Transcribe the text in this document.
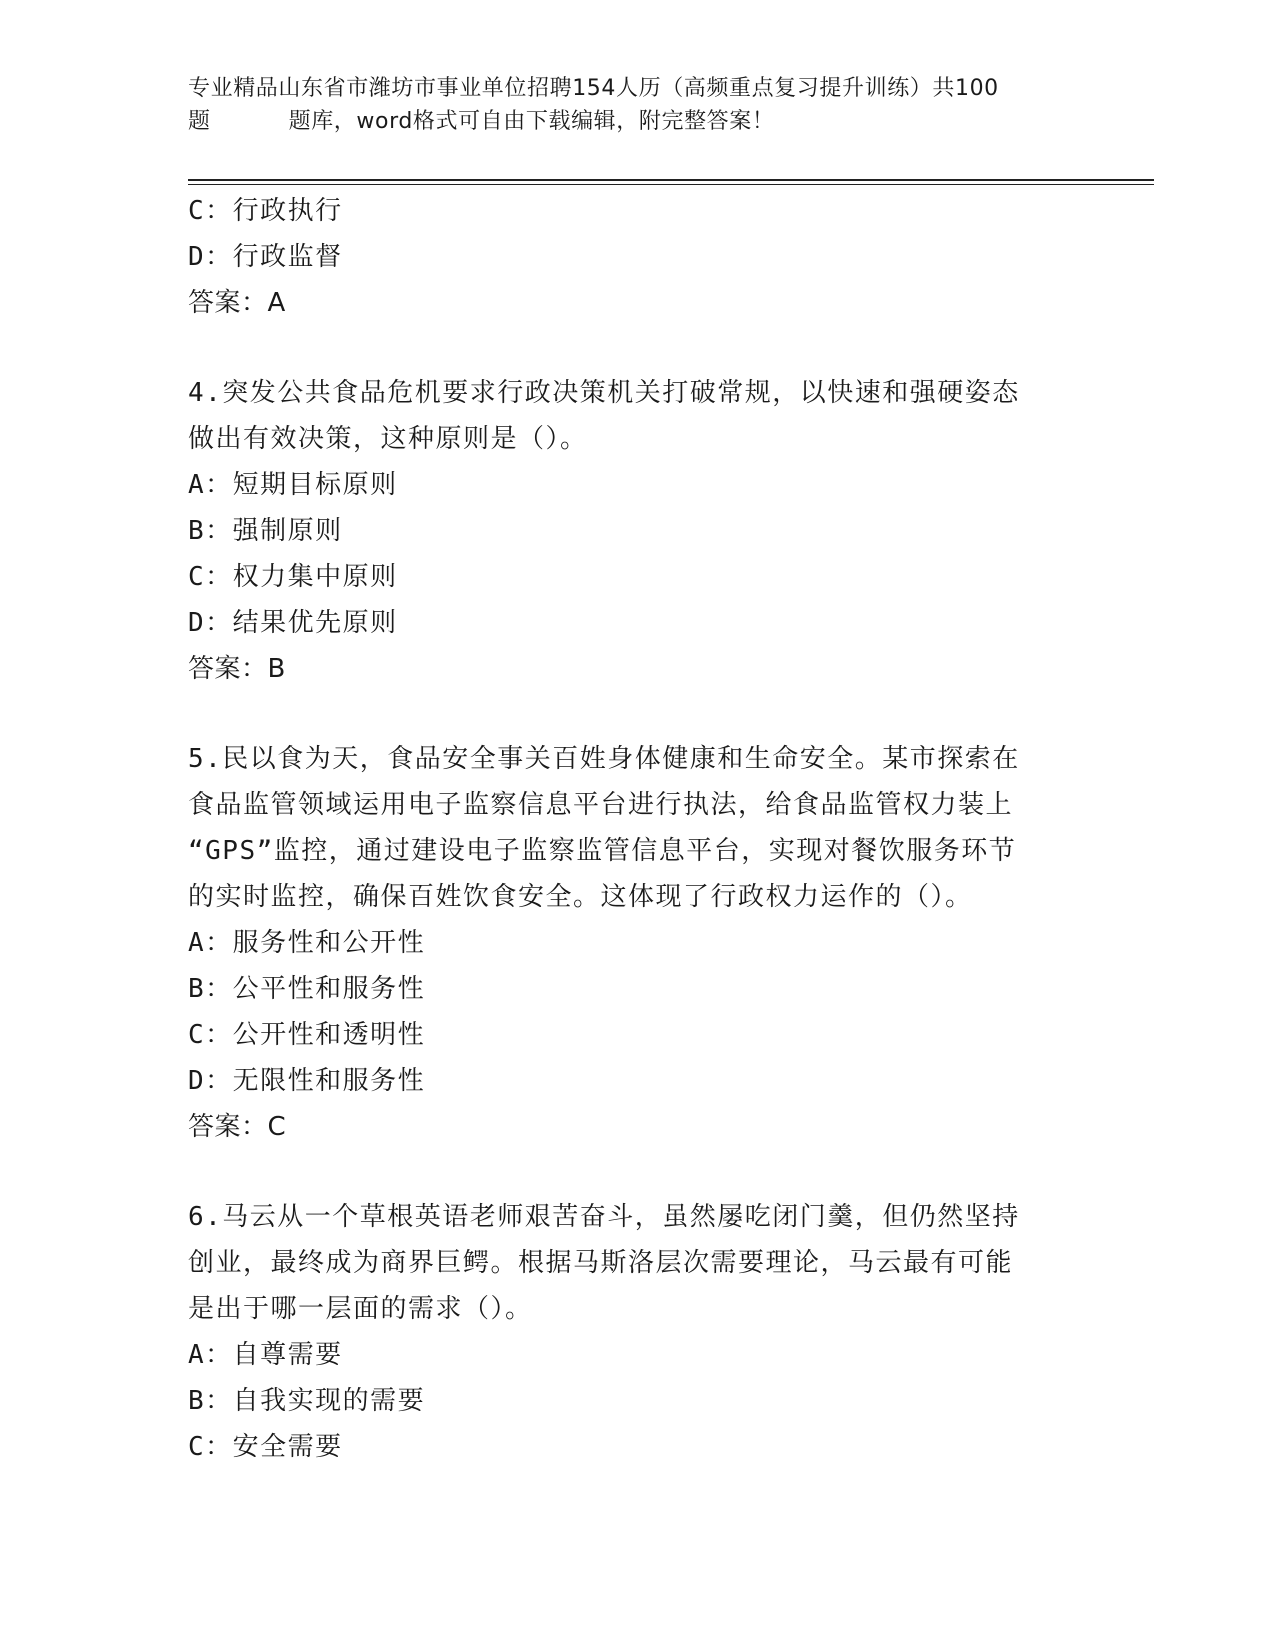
专业精品山东省市潍坊市事业单位招聘154人历（高频重点复习提升训练）共100
题	题库，word格式可自由下载编辑，附完整答案！
C：行政执行
D：行政监督
答案：A
4.突发公共食品危机要求行政决策机关打破常规，以快速和强硬姿态
做出有效决策，这种原则是（）。
A：短期目标原则
B：强制原则
C：权力集中原则
D：结果优先原则
答案：B
5.民以食为天，食品安全事关百姓身体健康和生命安全。某市探索在
食品监管领域运用电子监察信息平台进行执法，给食品监管权力装上
“GPS”监控，通过建设电子监察监管信息平台，实现对餐饮服务环节
的实时监控，确保百姓饮食安全。这体现了行政权力运作的（）。
A：服务性和公开性
B：公平性和服务性
C：公开性和透明性
D：无限性和服务性
答案：C
6.马云从一个草根英语老师艰苦奋斗，虽然屡吃闭门羹，但仍然坚持
创业，最终成为商界巨鳄。根据马斯洛层次需要理论，马云最有可能
是出于哪一层面的需求（）。
A：自尊需要
B：自我实现的需要
C：安全需要
